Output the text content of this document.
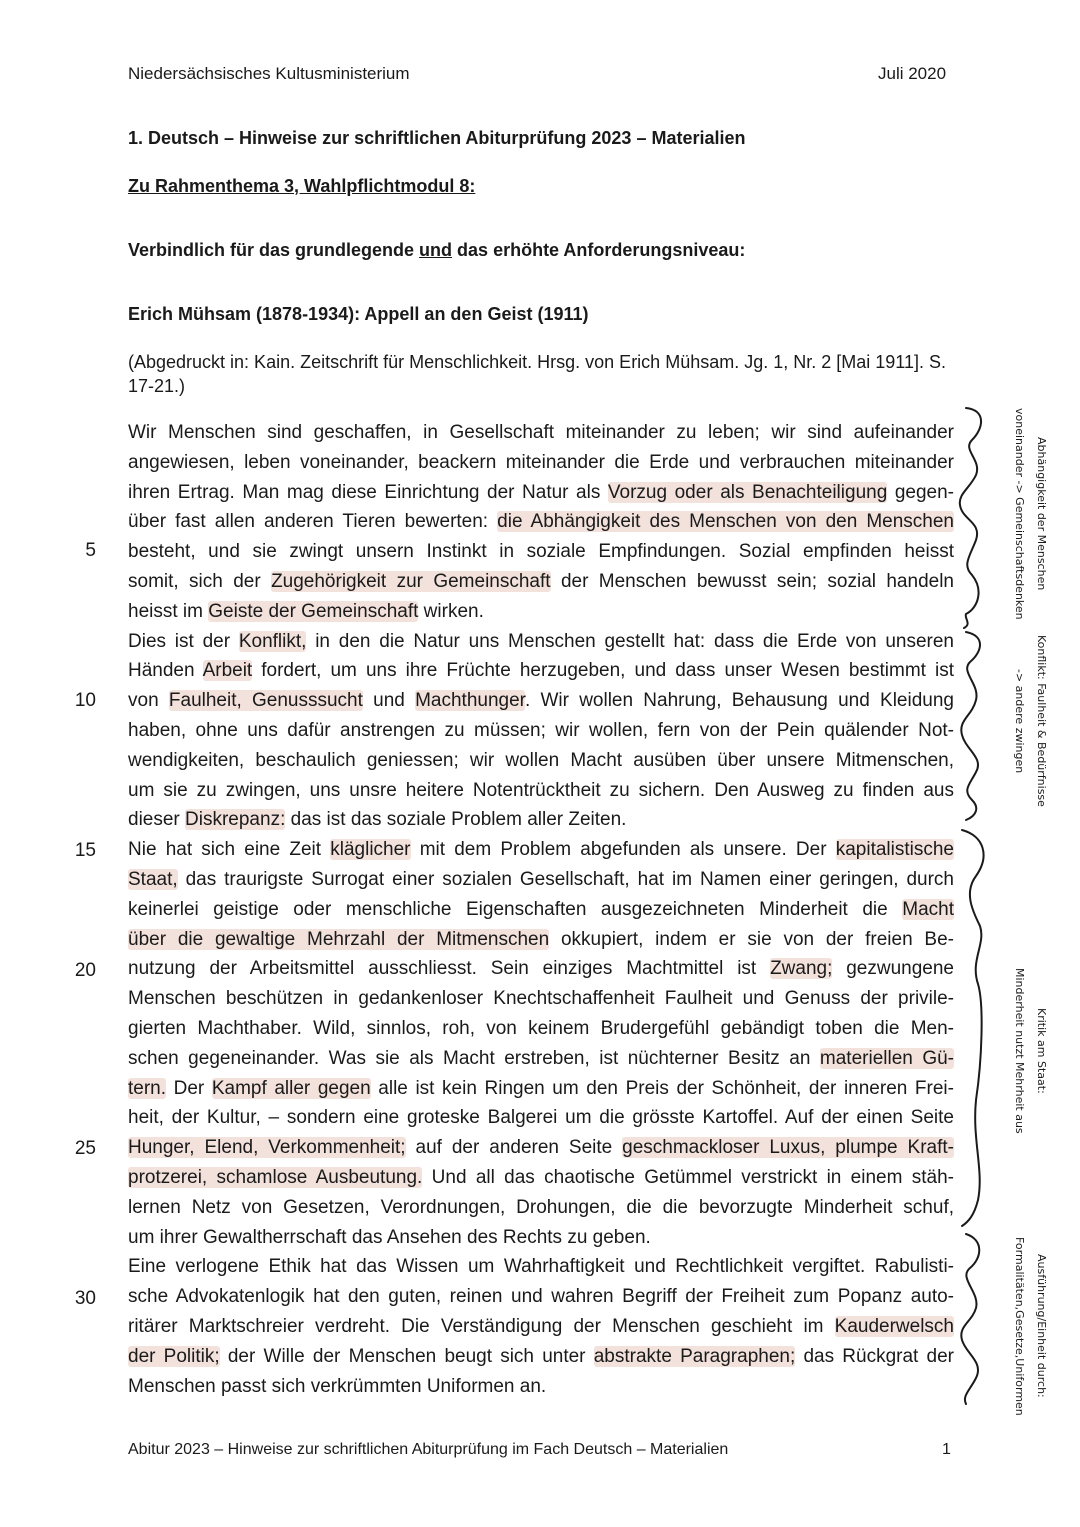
Niedersächsisches Kultusministerium	Juli 2020
1. Deutsch – Hinweise zur schriftlichen Abiturprüfung 2023 – Materialien
Zu Rahmenthema 3, Wahlpflichtmodul 8:
Verbindlich für das grundlegende und das erhöhte Anforderungsniveau:
Erich Mühsam (1878-1934): Appell an den Geist (1911)
(Abgedruckt in: Kain. Zeitschrift für Menschlichkeit. Hrsg. von Erich Mühsam. Jg. 1, Nr. 2 [Mai 1911]. S. 17-21.)
Wir Menschen sind geschaffen, in Gesellschaft miteinander zu leben; wir sind aufeinander
angewiesen, leben voneinander, beackern miteinander die Erde und verbrauchen miteinander
ihren Ertrag. Man mag diese Einrichtung der Natur als Vorzug oder als Benachteiligung gegen-
über fast allen anderen Tieren bewerten: die Abhängigkeit des Menschen von den Menschen
besteht, und sie zwingt unsern Instinkt in soziale Empfindungen. Sozial empfinden heisst
somit, sich der Zugehörigkeit zur Gemeinschaft der Menschen bewusst sein; sozial handeln
heisst im Geiste der Gemeinschaft wirken.
Dies ist der Konflikt, in den die Natur uns Menschen gestellt hat: dass die Erde von unseren
Händen Arbeit fordert, um uns ihre Früchte herzugeben, und dass unser Wesen bestimmt ist
von Faulheit, Genusssucht und Machthunger. Wir wollen Nahrung, Behausung und Kleidung
haben, ohne uns dafür anstrengen zu müssen; wir wollen, fern von der Pein quälender Not-
wendigkeiten, beschaulich geniessen; wir wollen Macht ausüben über unsere Mitmenschen,
um sie zu zwingen, uns unsre heitere Notentrücktheit zu sichern. Den Ausweg zu finden aus
dieser Diskrepanz: das ist das soziale Problem aller Zeiten.
Nie hat sich eine Zeit kläglicher mit dem Problem abgefunden als unsere. Der kapitalistische
Staat, das traurigste Surrogat einer sozialen Gesellschaft, hat im Namen einer geringen, durch
keinerlei geistige oder menschliche Eigenschaften ausgezeichneten Minderheit die Macht
über die gewaltige Mehrzahl der Mitmenschen okkupiert, indem er sie von der freien Be-
nutzung der Arbeitsmittel ausschliesst. Sein einziges Machtmittel ist Zwang; gezwungene
Menschen beschützen in gedankenloser Knechtschaffenheit Faulheit und Genuss der privile-
gierten Machthaber. Wild, sinnlos, roh, von keinem Brudergefühl gebändigt toben die Men-
schen gegeneinander. Was sie als Macht erstreben, ist nüchterner Besitz an materiellen Gü-
tern. Der Kampf aller gegen alle ist kein Ringen um den Preis der Schönheit, der inneren Frei-
heit, der Kultur, – sondern eine groteske Balgerei um die grösste Kartoffel. Auf der einen Seite
Hunger, Elend, Verkommenheit; auf der anderen Seite geschmackloser Luxus, plumpe Kraft-
protzerei, schamlose Ausbeutung. Und all das chaotische Getümmel verstrickt in einem stäh-
lernen Netz von Gesetzen, Verordnungen, Drohungen, die die bevorzugte Minderheit schuf,
um ihrer Gewaltherrschaft das Ansehen des Rechts zu geben.
Eine verlogene Ethik hat das Wissen um Wahrhaftigkeit und Rechtlichkeit vergiftet. Rabulisti-
sche Advokatenlogik hat den guten, reinen und wahren Begriff der Freiheit zum Popanz auto-
ritärer Marktschreier verdreht. Die Verständigung der Menschen geschieht im Kauderwelsch
der Politik; der Wille der Menschen beugt sich unter abstrakte Paragraphen; das Rückgrat der
Menschen passt sich verkrümmten Uniformen an.
5
10
15
20
25
30
Abhängigkeit der Menschen
voneinander -> Gemeinschaftsdenken
Konflikt: Faulheit & Bedürfnisse
-> andere zwingen
Kritik am Staat:
Minderheit nutzt Mehrheit aus
Ausführung/Einheit durch:
Formalitäten,Gesetze,Uniformen
Abitur 2023 – Hinweise zur schriftlichen Abiturprüfung im Fach Deutsch – Materialien	1
